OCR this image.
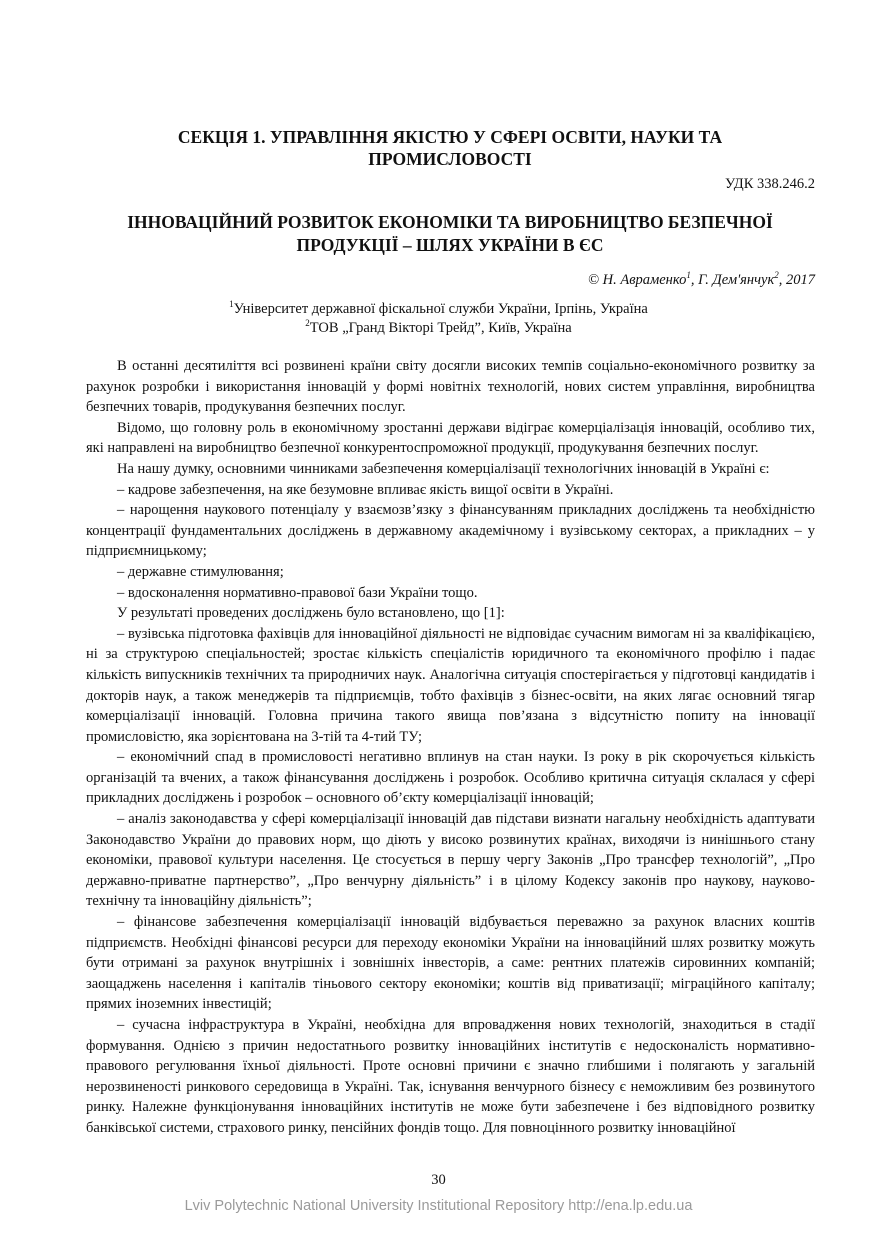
СЕКЦІЯ 1. УПРАВЛІННЯ ЯКІСТЮ У СФЕРІ ОСВІТИ, НАУКИ ТА ПРОМИСЛОВОСТІ
УДК 338.246.2
ІННОВАЦІЙНИЙ РОЗВИТОК ЕКОНОМІКИ ТА ВИРОБНИЦТВО БЕЗПЕЧНОЇ ПРОДУКЦІЇ – ШЛЯХ УКРАЇНИ В ЄС
© Н. Авраменко$^1$, Г. Дем'янчук$^2$, 2017
$^1$Університет державної фіскальної служби України, Ірпінь, Україна
$^2$ТОВ „Гранд Вікторі Трейд”, Київ, Україна

В останні десятиліття всі розвинені країни світу досягли високих темпів соціально-економічного розвитку за рахунок розробки і використання інновацій у формі новітніх технологій, нових систем управління, виробництва безпечних товарів, продукування безпечних послуг.

Відомо, що головну роль в економічному зростанні держави відіграє комерціалізація інновацій, особливо тих, які направлені на виробництво безпечної конкурентоспроможної продукції, продукування безпечних послуг.

На нашу думку, основними чинниками забезпечення комерціалізації технологічних інновацій в Україні є:

– кадрове забезпечення, на яке безумовне впливає якість вищої освіти в Україні.

– нарощення наукового потенціалу у взаємозв’язку з фінансуванням прикладних досліджень та необхідністю концентрації фундаментальних досліджень в державному академічному і вузівському секторах, а прикладних – у підприємницькому;

– державне стимулювання;

– вдосконалення нормативно-правової бази України тощо.

У результаті проведених досліджень було встановлено, що [1]:

– вузівська підготовка фахівців для інноваційної діяльності не відповідає сучасним вимогам ні за кваліфікацією, ні за структурою спеціальностей; зростає кількість спеціалістів юридичного та економічного профілю і падає кількість випускників технічних та природничих наук. Аналогічна ситуація спостерігається у підготовці кандидатів і докторів наук, а також менеджерів та підприємців, тобто фахівців з бізнес-освіти, на яких лягає основний тягар комерціалізації інновацій. Головна причина такого явища пов’язана з відсутністю попиту на інновації промисловістю, яка зорієнтована на 3-тій та 4-тий ТУ;

– економічний спад в промисловості негативно вплинув на стан науки. Із року в рік скорочується кількість організацій та вчених, а також фінансування досліджень і розробок. Особливо критична ситуація склалася у сфері прикладних досліджень і розробок – основного об’єкту комерціалізації інновацій;

– аналіз законодавства у сфері комерціалізації інновацій дав підстави визнати нагальну необхідність адаптувати Законодавство України до правових норм, що діють у високо розвинутих країнах, виходячи із нинішнього стану економіки, правової культури населення. Це стосується в першу чергу Законів „Про трансфер технологій”, „Про державно-приватне партнерство”, „Про венчурну діяльність” і в цілому Кодексу законів про наукову, науково-технічну та інноваційну діяльність”;

– фінансове забезпечення комерціалізації інновацій відбувається переважно за рахунок власних коштів підприємств. Необхідні фінансові ресурси для переходу економіки України на інноваційний шлях розвитку можуть бути отримані за рахунок внутрішніх і зовнішніх інвесторів, а саме: рентних платежів сировинних компаній; заощаджень населення і капіталів тіньового сектору економіки; коштів від приватизації; міграційного капіталу; прямих іноземних інвестицій;

– сучасна інфраструктура в Україні, необхідна для впровадження нових технологій, знаходиться в стадії формування. Однією з причин недостатнього розвитку інноваційних інститутів є недосконалість нормативно-правового регулювання їхньої діяльності. Проте основні причини є значно глибшими і полягають у загальній нерозвиненості ринкового середовища в Україні. Так, існування венчурного бізнесу є неможливим без розвинутого ринку. Належне функціонування інноваційних інститутів не може бути забезпечене і без відповідного розвитку банківської системи, страхового ринку, пенсійних фондів тощо. Для повноцінного розвитку інноваційної

30
Lviv Polytechnic National University Institutional Repository http://ena.lp.edu.ua
